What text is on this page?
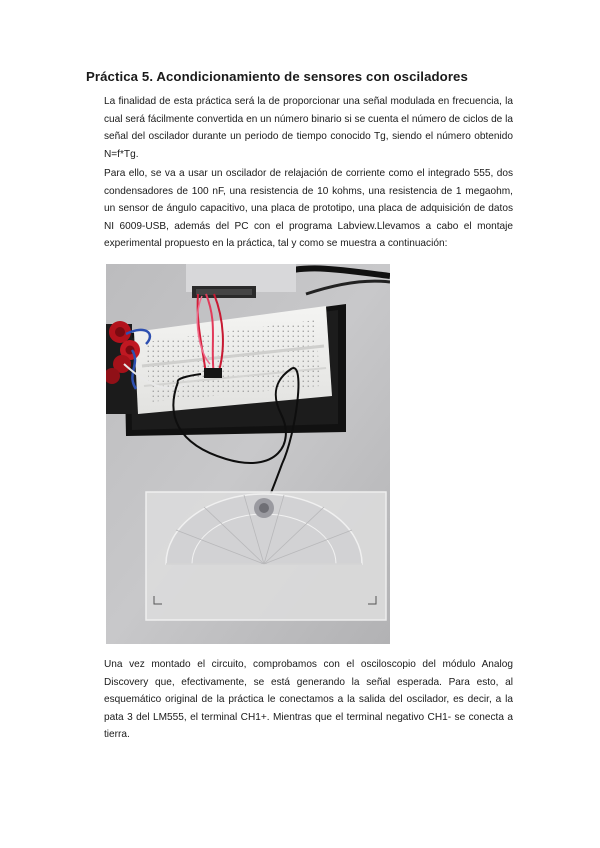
Práctica 5. Acondicionamiento de sensores con osciladores
La finalidad de esta práctica será la de proporcionar una señal modulada en frecuencia, la cual será fácilmente convertida en un número binario si se cuenta el número de ciclos de la señal del oscilador durante un periodo de tiempo conocido Tg, siendo el número obtenido N=f*Tg.
Para ello, se va a usar un oscilador de relajación de corriente como el integrado 555, dos condensadores de 100 nF, una resistencia de 10 kohms, una resistencia de 1 megaohm, un sensor de ángulo capacitivo, una placa de prototipo, una placa de adquisición de datos NI 6009-USB, además del PC con el programa Labview.Llevamos a cabo el montaje experimental propuesto en la práctica, tal y como se muestra a continuación:
Una vez montado el circuito, comprobamos con el osciloscopio del módulo Analog Discovery que, efectivamente, se está generando la señal esperada. Para esto, al esquemático original de la práctica le conectamos a la salida del oscilador, es decir, a la pata 3 del LM555, el terminal CH1+. Mientras que el terminal negativo CH1- se conecta a tierra.
